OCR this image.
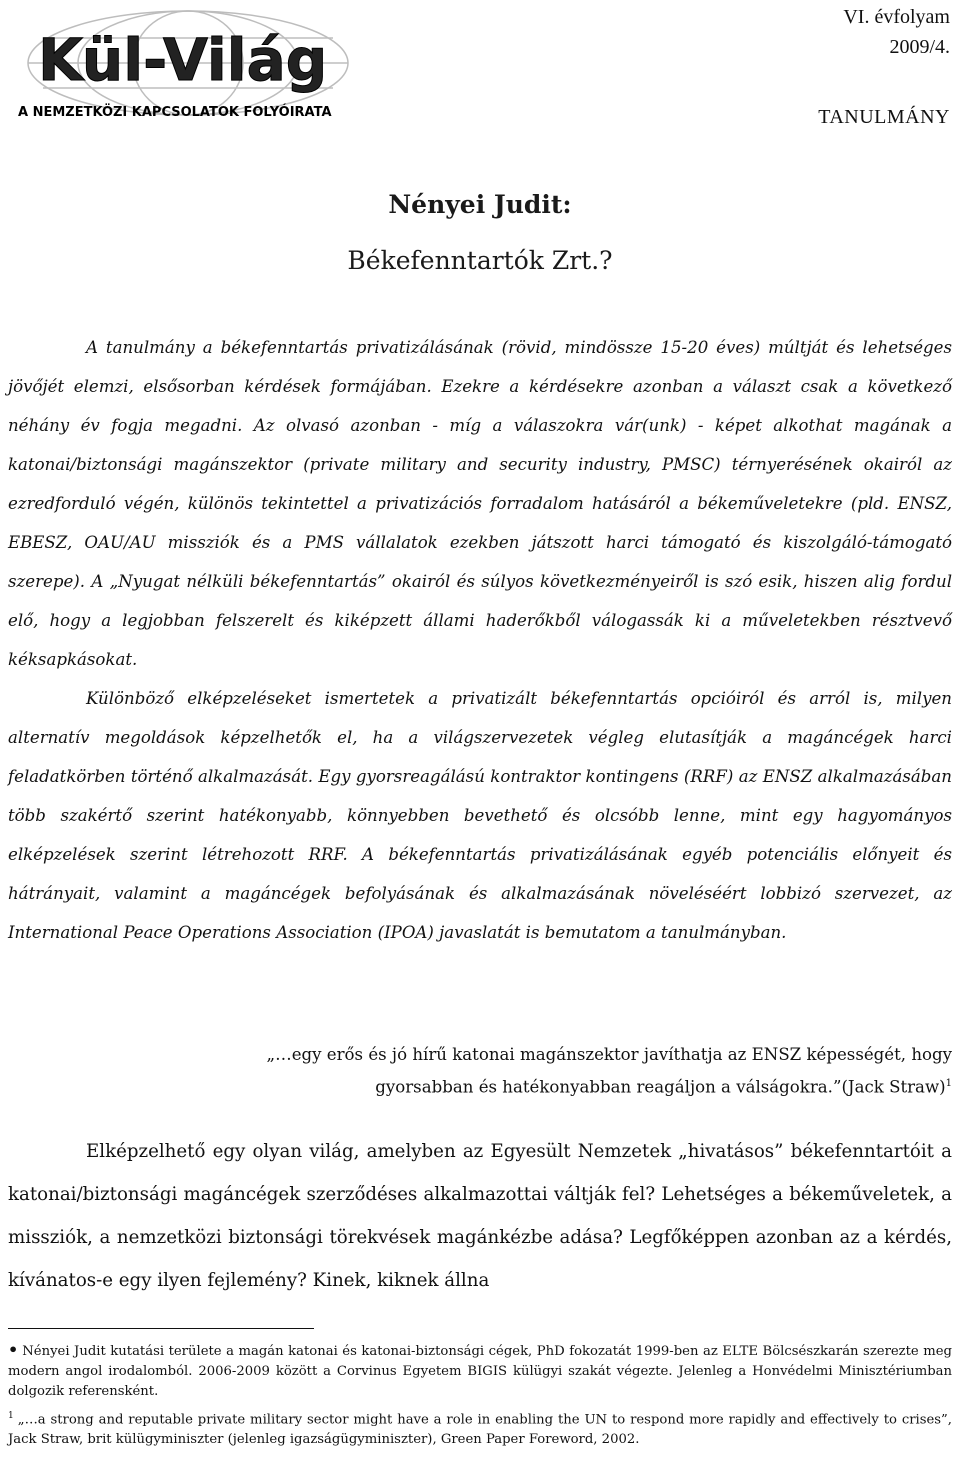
Kül-Világ
A NEMZETKÖZI KAPCSOLATOK FOLYÓIRATA
VI. évfolyam
2009/4.
TANULMÁNY
Nényei Judit:
Békefenntartók Zrt.?

A tanulmány a békefenntartás privatizálásának (rövid, mindössze 15-20 éves) múltját és lehetséges jövőjét elemzi, elsősorban kérdések formájában. Ezekre a kérdésekre azonban a választ csak a következő néhány év fogja megadni. Az olvasó azonban - míg a válaszokra vár(unk) - képet alkothat magának a katonai/biztonsági magánszektor (private military and security industry, PMSC) térnyerésének okairól az ezredforduló végén, különös tekintettel a privatizációs forradalom hatásáról a békeműveletekre (pld. ENSZ, EBESZ, OAU/AU missziók és a PMS vállalatok ezekben játszott harci támogató és kiszolgáló-támogató szerepe). A „Nyugat nélküli békefenntartás” okairól és súlyos következményeiről is szó esik, hiszen alig fordul elő, hogy a legjobban felszerelt és kiképzett állami haderőkből válogassák ki a műveletekben résztvevő kéksapkásokat.

Különböző elképzeléseket ismertetek a privatizált békefenntartás opcióiról és arról is, milyen alternatív megoldások képzelhetők el, ha a világszervezetek végleg elutasítják a magáncégek harci feladatkörben történő alkalmazását. Egy gyorsreagálású kontraktor kontingens (RRF) az ENSZ alkalmazásában több szakértő szerint hatékonyabb, könnyebben bevethető és olcsóbb lenne, mint egy hagyományos elképzelések szerint létrehozott RRF. A békefenntartás privatizálásának egyéb potenciális előnyeit és hátrányait, valamint a magáncégek befolyásának és alkalmazásának növeléséért lobbizó szervezet, az International Peace Operations Association (IPOA) javaslatát is bemutatom a tanulmányban.

„…egy erős és jó hírű katonai magánszektor javíthatja az ENSZ képességét, hogy
gyorsabban és hatékonyabban reagáljon a válságokra.”(Jack Straw)$^1$

Elképzelhető egy olyan világ, amelyben az Egyesült Nemzetek „hivatásos” békefenntartóit a katonai/biztonsági magáncégek szerződéses alkalmazottai váltják fel? Lehetséges a békeműveletek, a missziók, a nemzetközi biztonsági törekvések magánkézbe adása? Legfőképpen azonban az a kérdés, kívánatos-e egy ilyen fejlemény? Kinek, kiknek állna

• Nényei Judit kutatási területe a magán katonai és katonai-biztonsági cégek, PhD fokozatát 1999-ben az ELTE Bölcsészkarán szerezte meg modern angol irodalomból. 2006-2009 között a Corvinus Egyetem BIGIS külügyi szakát végezte. Jelenleg a Honvédelmi Minisztériumban dolgozik referensként.

$^1$ „…a strong and reputable private military sector might have a role in enabling the UN to respond more rapidly and effectively to crises”, Jack Straw, brit külügyminiszter (jelenleg igazságügyminiszter), Green Paper Foreword, 2002.
